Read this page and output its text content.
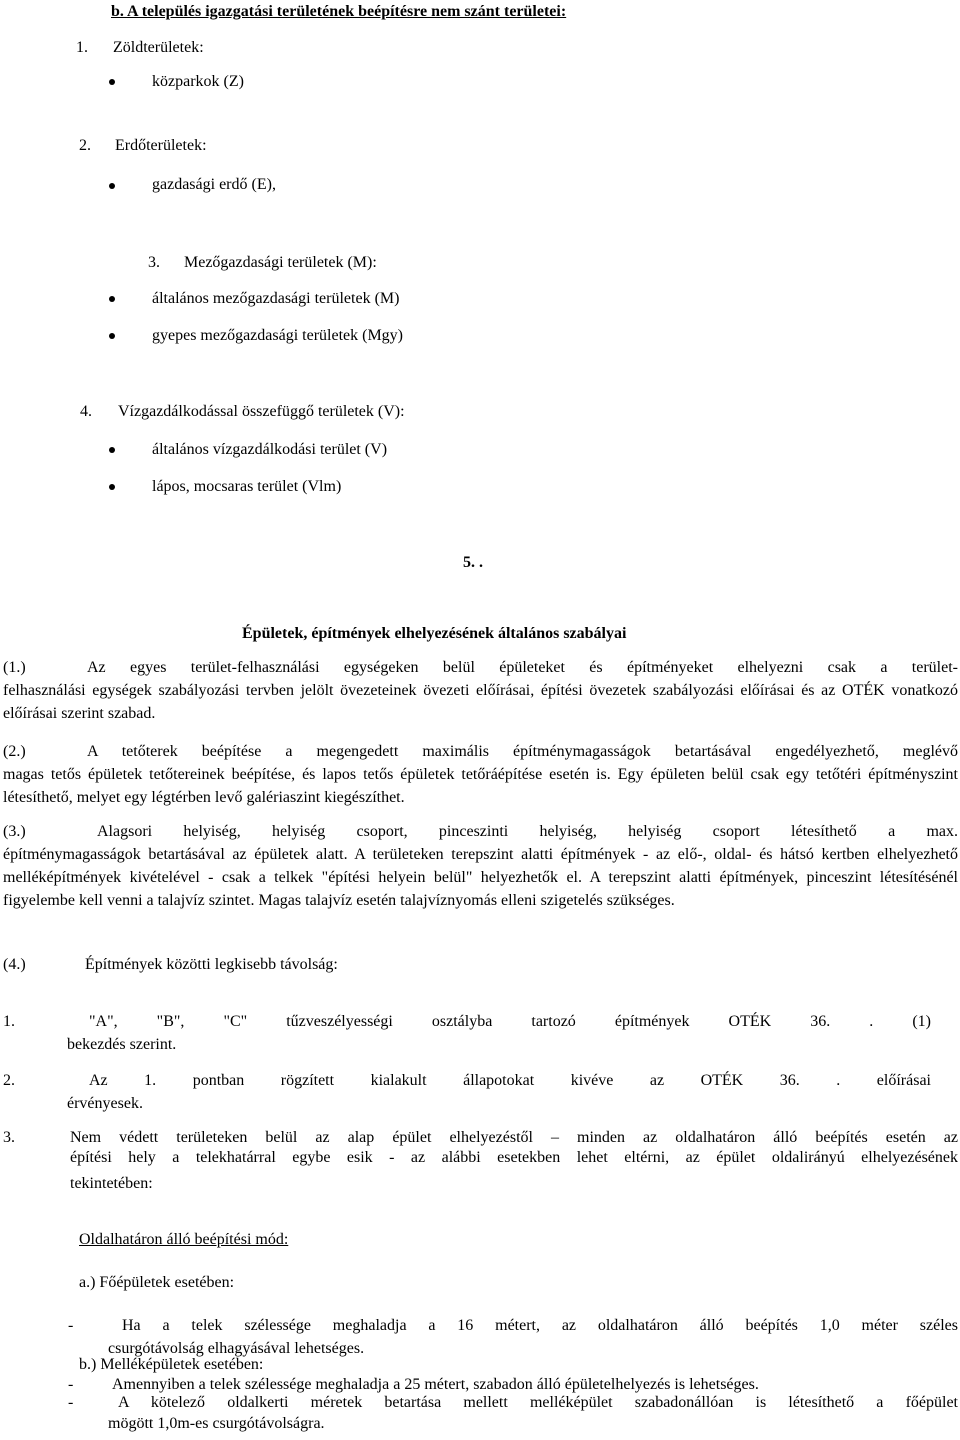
b. A település igazgatási területének beépítésre nem szánt területei:
1. Zöldterületek:
közparkok (Z)
2. Erdőterületek:
gazdasági erdő (E),
3. Mezőgazdasági területek (M):
általános mezőgazdasági területek (M)
gyepes mezőgazdasági területek (Mgy)
4. Vízgazdálkodással összefüggő területek (V):
általános vízgazdálkodási terület (V)
lápos, mocsaras terület (Vlm)
5. .
Épületek, építmények elhelyezésének általános szabályai
(1.)	Az egyes terület-felhasználási egységeken belül épületeket és építményeket elhelyezni csak a terület-

felhasználási egységek szabályozási tervben jelölt övezeteinek övezeti előírásai, építési övezetek szabályozási előírásai és az OTÉK vonatkozó előírásai szerint szabad.

(2.)	A tetőterek beépítése a megengedett maximális építménymagasságok betartásával engedélyezhető, meglévő

magas tetős épületek tetőtereinek beépítése, és lapos tetős épületek tetőráépítése esetén is. Egy épületen belül csak egy tetőtéri építményszint létesíthető, melyet egy légtérben levő galériaszint kiegészíthet.

(3.)	Alagsori helyiség, helyiség csoport, pinceszinti helyiség, helyiség csoport létesíthető a max.

építménymagasságok betartásával az épületek alatt. A területeken terepszint alatti építmények - az elő-, oldal- és hátsó kertben elhelyezhető melléképítmények kivételével - csak a telkek "építési helyein belül" helyezhetők el. A terepszint alatti építmények, pinceszint létesítésénél figyelembe kell venni a talajvíz szintet. Magas talajvíz esetén talajvíznyomás elleni szigetelés szükséges.

(4.)	Építmények közötti legkisebb távolság:
1.	"A", "B", "C" tűzveszélyességi osztályba tartozó építmények OTÉK 36. . (1)
bekezdés szerint.
2.	Az 1. pontban rögzített kialakult állapotokat kivéve az OTÉK 36. . előírásai
érvényesek.
3.	Nem védett területeken belül az alap épület elhelyezéstől – minden az oldalhatáron álló beépítés esetén az
építési hely a telekhatárral egybe esik - az alábbi esetekben lehet eltérni, az épület oldalirányú elhelyezésének
tekintetében:
Oldalhatáron álló beépítési mód:
a.) Főépületek esetében:
-	Ha a telek szélessége meghaladja a 16 métert, az oldalhatáron álló beépítés 1,0 méter széles
csurgótávolság elhagyásával lehetséges.
- Amennyiben a telek szélessége meghaladja a 25 métert, szabadon álló épületelhelyezés is lehetséges.
b.) Melléképületek esetében:
-	A kötelező oldalkerti méretek betartása mellett melléképület szabadonállóan is létesíthető a főépület
mögött 1,0m-es csurgótávolságra.
